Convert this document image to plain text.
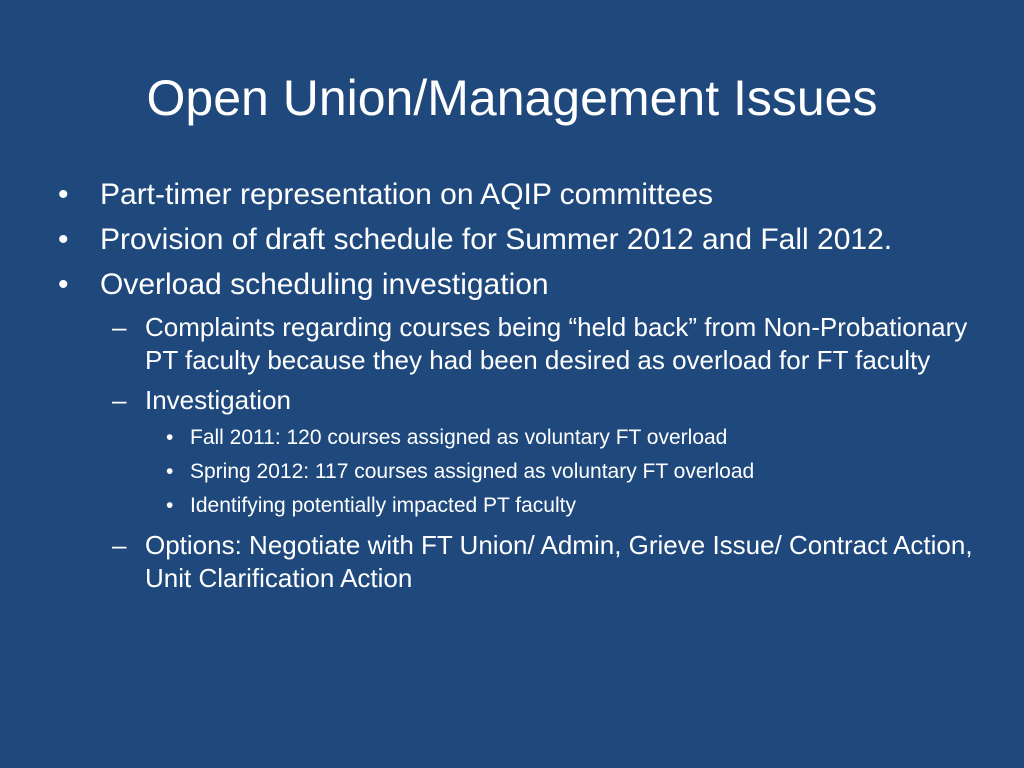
Open Union/Management Issues
• Part-timer representation on AQIP committees
• Provision of draft schedule for Summer 2012 and Fall 2012.
• Overload scheduling investigation
– Complaints regarding courses being “held back” from Non-Probationary PT faculty because they had been desired as overload for FT faculty
– Investigation
• Fall 2011: 120 courses assigned as voluntary FT overload
• Spring 2012: 117 courses assigned as voluntary FT overload
• Identifying potentially impacted PT faculty
– Options: Negotiate with FT Union/ Admin, Grieve Issue/ Contract Action, Unit Clarification Action
